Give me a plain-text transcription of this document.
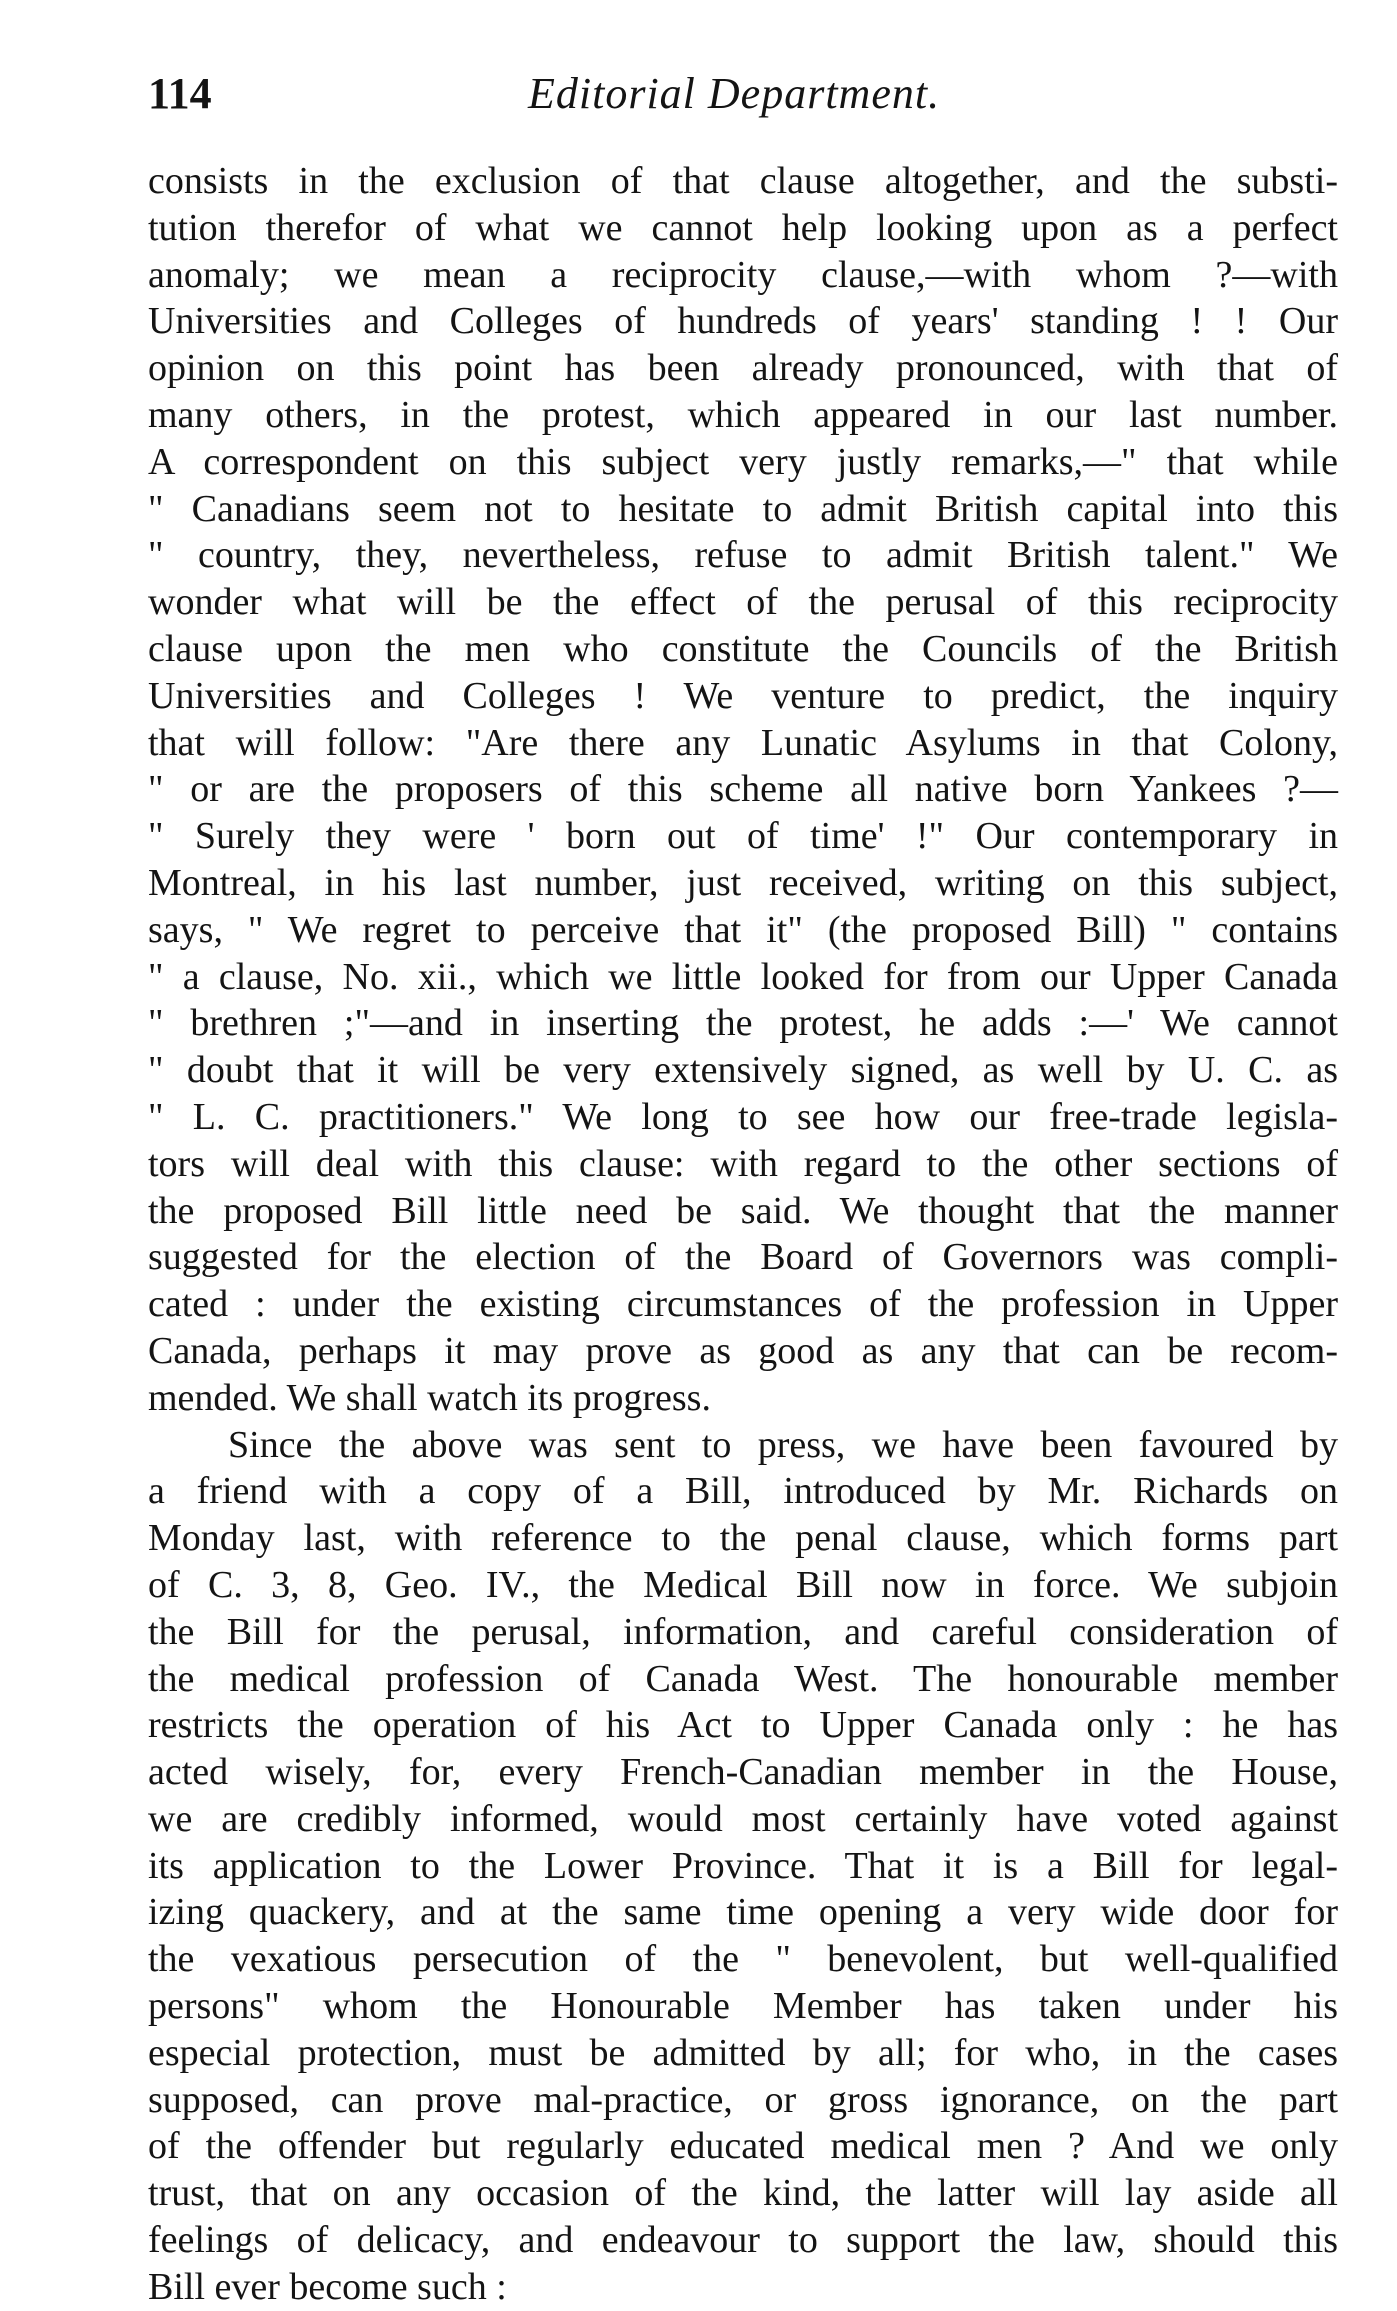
114	Editorial Department.
consists in the exclusion of that clause altogether, and the substi-
tution therefor of what we cannot help looking upon as a perfect
anomaly; we mean a reciprocity clause,—with whom ?—with
Universities and Colleges of hundreds of years' standing ! ! Our
opinion on this point has been already pronounced, with that of
many others, in the protest, which appeared in our last number.
A correspondent on this subject very justly remarks,—" that while
" Canadians seem not to hesitate to admit British capital into this
" country, they, nevertheless, refuse to admit British talent." We
wonder what will be the effect of the perusal of this reciprocity
clause upon the men who constitute the Councils of the British
Universities and Colleges ! We venture to predict, the inquiry
that will follow: "Are there any Lunatic Asylums in that Colony,
" or are the proposers of this scheme all native born Yankees ?—
" Surely they were ' born out of time' !" Our contemporary in
Montreal, in his last number, just received, writing on this subject,
says, " We regret to perceive that it" (the proposed Bill) " contains
" a clause, No. xii., which we little looked for from our Upper Canada
" brethren ;"—and in inserting the protest, he adds :—' We cannot
" doubt that it will be very extensively signed, as well by U. C. as
" L. C. practitioners." We long to see how our free-trade legisla-
tors will deal with this clause: with regard to the other sections of
the proposed Bill little need be said. We thought that the manner
suggested for the election of the Board of Governors was compli-
cated : under the existing circumstances of the profession in Upper
Canada, perhaps it may prove as good as any that can be recom-
mended. We shall watch its progress.
Since the above was sent to press, we have been favoured by
a friend with a copy of a Bill, introduced by Mr. Richards on
Monday last, with reference to the penal clause, which forms part
of C. 3, 8, Geo. IV., the Medical Bill now in force. We subjoin
the Bill for the perusal, information, and careful consideration of
the medical profession of Canada West. The honourable member
restricts the operation of his Act to Upper Canada only : he has
acted wisely, for, every French-Canadian member in the House,
we are credibly informed, would most certainly have voted against
its application to the Lower Province. That it is a Bill for legal-
izing quackery, and at the same time opening a very wide door for
the vexatious persecution of the " benevolent, but well-qualified
persons" whom the Honourable Member has taken under his
especial protection, must be admitted by all; for who, in the cases
supposed, can prove mal-practice, or gross ignorance, on the part
of the offender but regularly educated medical men ? And we only
trust, that on any occasion of the kind, the latter will lay aside all
feelings of delicacy, and endeavour to support the law, should this
Bill ever become such :
